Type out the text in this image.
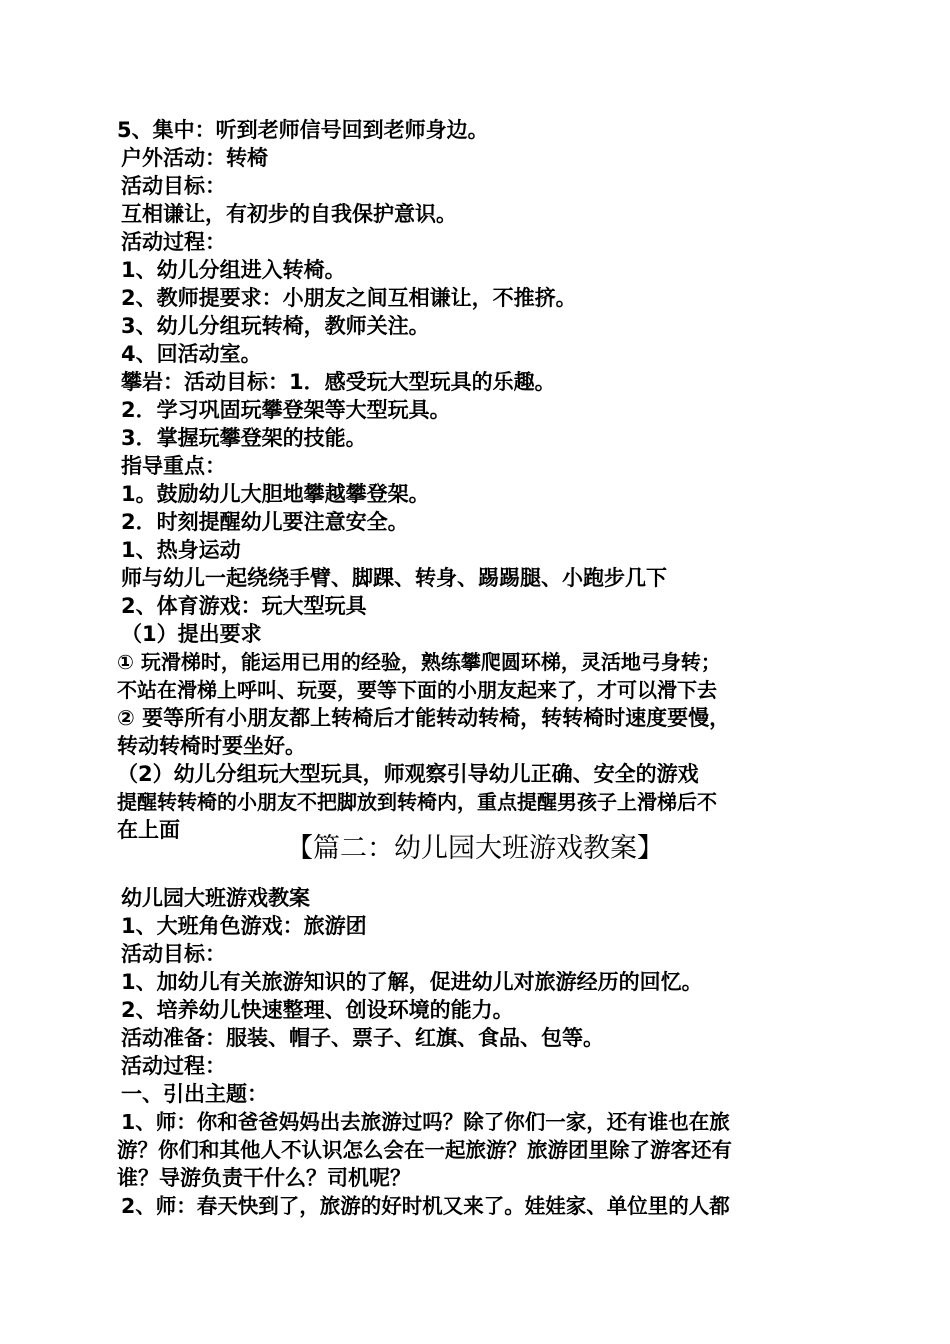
5、集中：听到老师信号回到老师身边。
户外活动：转椅
活动目标：
互相谦让，有初步的自我保护意识。
活动过程：
1、幼儿分组进入转椅。
2、教师提要求：小朋友之间互相谦让，不推挤。
3、幼儿分组玩转椅，教师关注。
4、回活动室。
攀岩：活动目标：1．感受玩大型玩具的乐趣。
2．学习巩固玩攀登架等大型玩具。
3．掌握玩攀登架的技能。
指导重点：
1。鼓励幼儿大胆地攀越攀登架。
2．时刻提醒幼儿要注意安全。
1、热身运动
师与幼儿一起绕绕手臂、脚踝、转身、踢踢腿、小跑步几下
2、体育游戏：玩大型玩具
（1）提出要求
① 玩滑梯时，能运用已用的经验，熟练攀爬圆环梯，灵活地弓身转；
不站在滑梯上呼叫、玩耍，要等下面的小朋友起来了，才可以滑下去
② 要等所有小朋友都上转椅后才能转动转椅，转转椅时速度要慢，
转动转椅时要坐好。
（2）幼儿分组玩大型玩具，师观察引导幼儿正确、安全的游戏
提醒转转椅的小朋友不把脚放到转椅内，重点提醒男孩子上滑梯后不
在上面
【篇二：幼儿园大班游戏教案】
幼儿园大班游戏教案
1、大班角色游戏：旅游团
活动目标：
1、加幼儿有关旅游知识的了解，促进幼儿对旅游经历的回忆。
2、培养幼儿快速整理、创设环境的能力。
活动准备：服装、帽子、票子、红旗、食品、包等。
活动过程：
一、引出主题：
1、师：你和爸爸妈妈出去旅游过吗？除了你们一家，还有谁也在旅
游？你们和其他人不认识怎么会在一起旅游？旅游团里除了游客还有
谁？导游负责干什么？司机呢？
2、师：春天快到了，旅游的好时机又来了。娃娃家、单位里的人都
